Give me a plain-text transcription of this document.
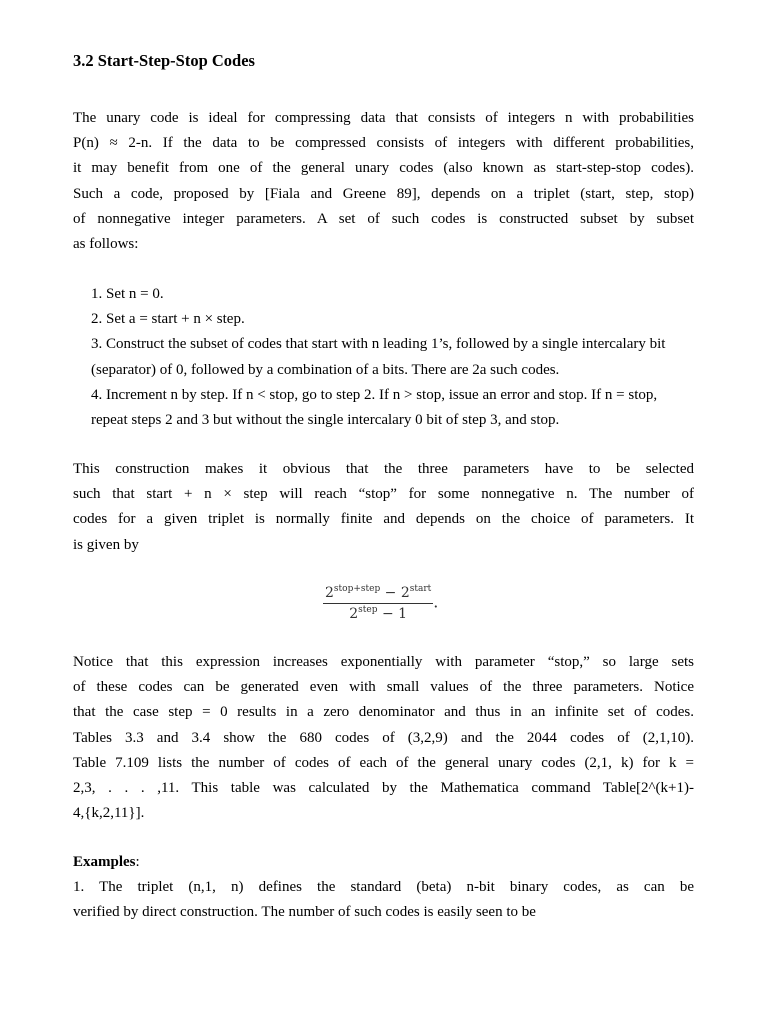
3.2 Start-Step-Stop Codes
The unary code is ideal for compressing data that consists of integers n with probabilities
P(n) ≈ 2-n. If the data to be compressed consists of integers with different probabilities,
it may benefit from one of the general unary codes (also known as start-step-stop codes).
Such a code, proposed by [Fiala and Greene 89], depends on a triplet (start, step, stop)
of nonnegative integer parameters. A set of such codes is constructed subset by subset
as follows:
1. Set n = 0.
2. Set a = start + n × step.
3. Construct the subset of codes that start with n leading 1’s, followed by a single intercalary bit
(separator) of 0, followed by a combination of a bits. There are 2a such codes.
4. Increment n by step. If n < stop, go to step 2. If n > stop, issue an error and stop. If n = stop,
repeat steps 2 and 3 but without the single intercalary 0 bit of step 3, and stop.
This construction makes it obvious that the three parameters have to be selected
such that start + n × step will reach “stop” for some nonnegative n. The number of
codes for a given triplet is normally finite and depends on the choice of parameters. It
is given by
$\frac{2^{stop+step} - 2^{start}}{2^{step} - 1}$ .
Notice that this expression increases exponentially with parameter “stop,” so large sets
of these codes can be generated even with small values of the three parameters. Notice
that the case step = 0 results in a zero denominator and thus in an infinite set of codes.
Tables 3.3 and 3.4 show the 680 codes of (3,2,9) and the 2044 codes of (2,1,10).
Table 7.109 lists the number of codes of each of the general unary codes (2,1, k) for k =
2,3, . . . ,11. This table was calculated by the Mathematica command Table[2^(k+1)-
4,{k,2,11}].
Examples:
1. The triplet (n,1, n) defines the standard (beta) n-bit binary codes, as can be
verified by direct construction. The number of such codes is easily seen to be
